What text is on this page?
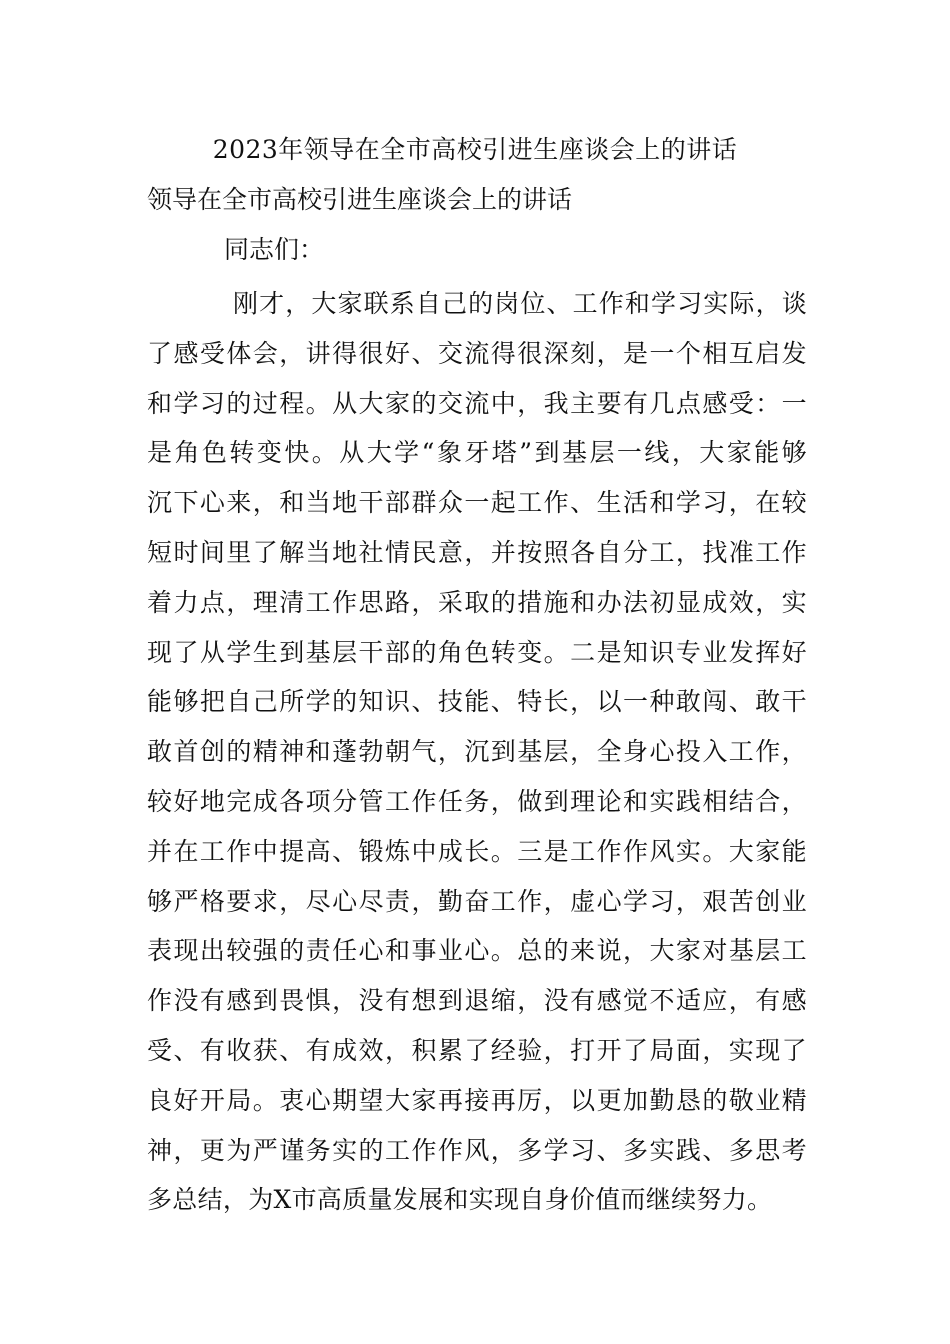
2023年领导在全市高校引进生座谈会上的讲话
领导在全市高校引进生座谈会上的讲话
同志们：
刚才，大家联系自己的岗位、工作和学习实际，谈
了感受体会，讲得很好、交流得很深刻，是一个相互启发
和学习的过程。从大家的交流中，我主要有几点感受：一
是角色转变快。从大学“象牙塔”到基层一线，大家能够
沉下心来，和当地干部群众一起工作、生活和学习，在较
短时间里了解当地社情民意，并按照各自分工，找准工作
着力点，理清工作思路，采取的措施和办法初显成效，实
现了从学生到基层干部的角色转变。二是知识专业发挥好
能够把自己所学的知识、技能、特长，以一种敢闯、敢干
敢首创的精神和蓬勃朝气，沉到基层，全身心投入工作，
较好地完成各项分管工作任务，做到理论和实践相结合，
并在工作中提高、锻炼中成长。三是工作作风实。大家能
够严格要求，尽心尽责，勤奋工作，虚心学习，艰苦创业
表现出较强的责任心和事业心。总的来说，大家对基层工
作没有感到畏惧，没有想到退缩，没有感觉不适应，有感
受、有收获、有成效，积累了经验，打开了局面，实现了
良好开局。衷心期望大家再接再厉，以更加勤恳的敬业精
神，更为严谨务实的工作作风，多学习、多实践、多思考
多总结，为X市高质量发展和实现自身价值而继续努力。
